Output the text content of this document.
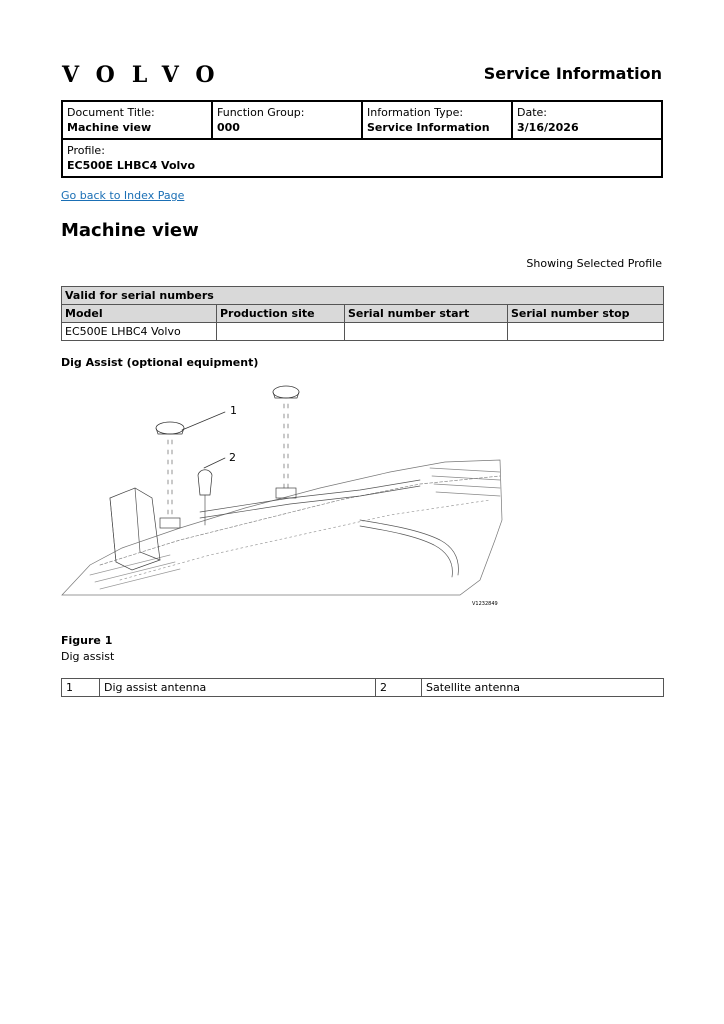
VOLVO	Service Information
Document Title:
Machine view

Function Group:
000

Information Type:
Service Information

Date:
3/16/2026

Profile:
EC500E LHBC4 Volvo
Go back to Index Page
Machine view
Showing Selected Profile
Valid for serial numbers			
Model	Production site	Serial number start	Serial number stop
EC500E LHBC4 Volvo			
Dig Assist (optional equipment)
1
2
V1232849
Figure 1
Dig assist
1	Dig assist antenna	2	Satellite antenna
